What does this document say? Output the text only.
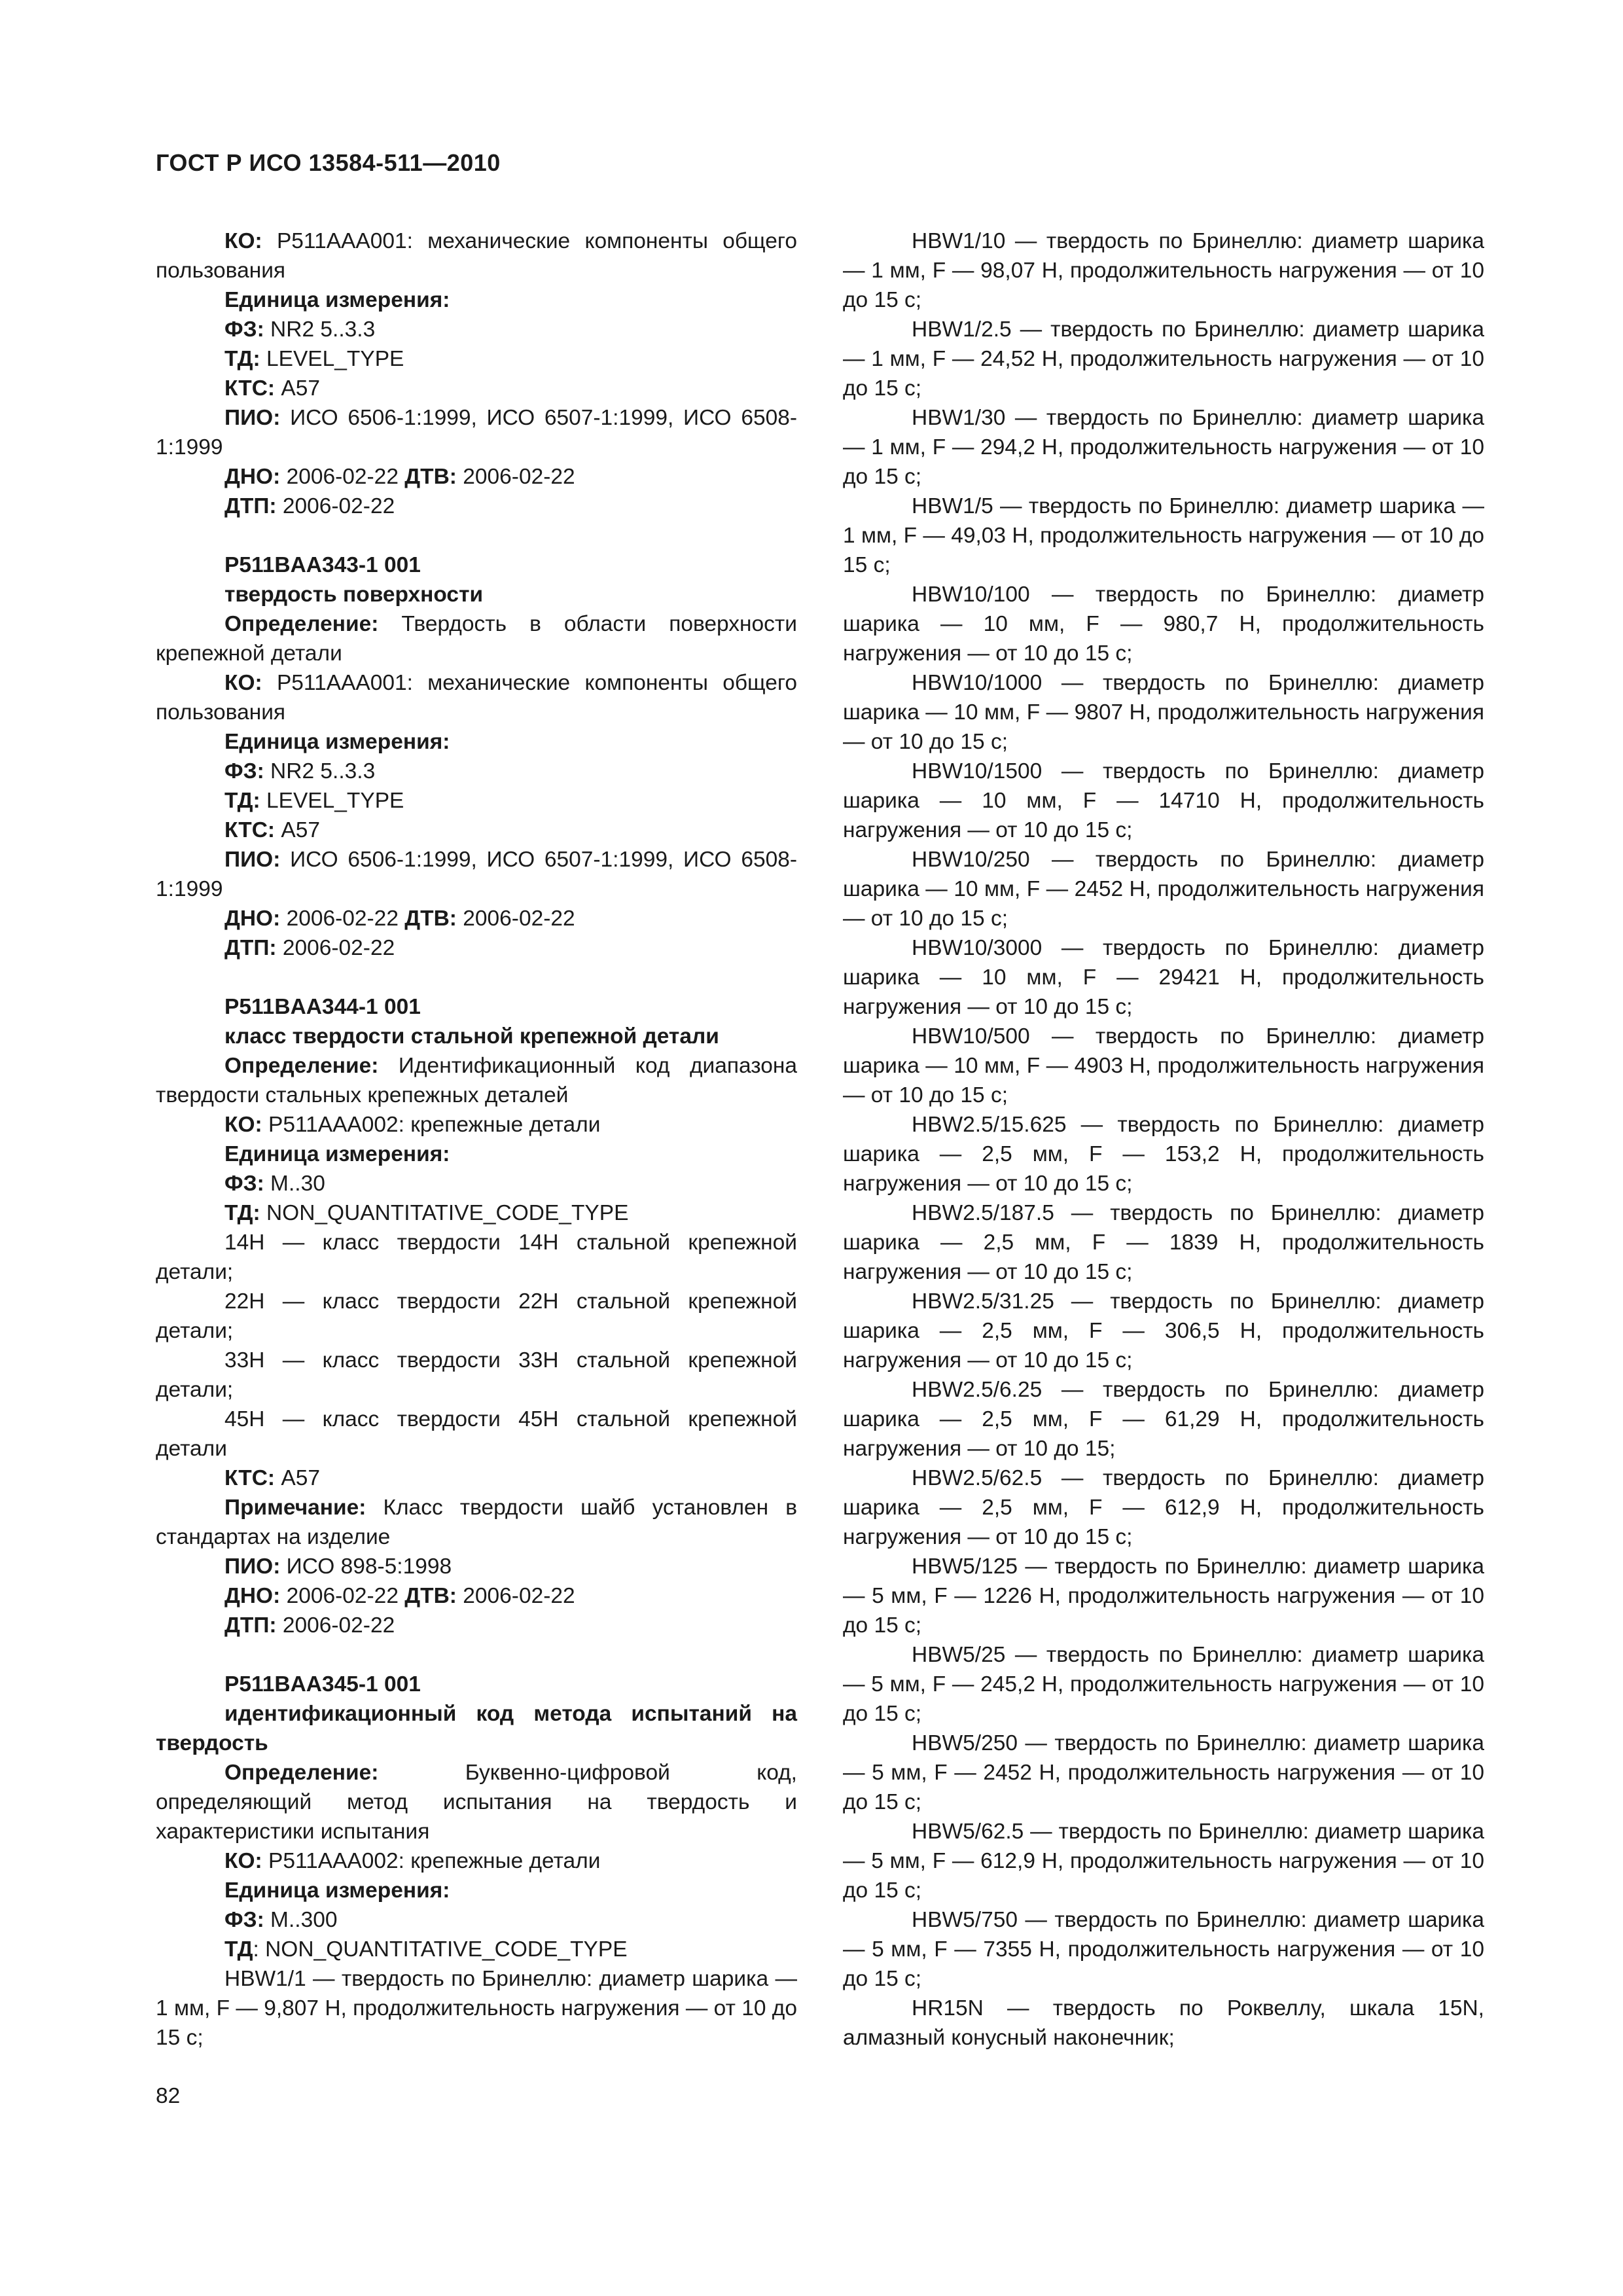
ГОСТ Р ИСО 13584-511—2010

КО: P511AAA001: механические компоненты общего пользования

Единица измерения:

ФЗ: NR2 5..3.3

ТД: LEVEL_TYPE

КТС: A57

ПИО: ИСО 6506-1:1999, ИСО 6507-1:1999, ИСО 6508-1:1999

ДНО: 2006-02-22 ДТВ: 2006-02-22

ДТП: 2006-02-22

P511BAA343-1 001

твердость поверхности

Определение: Твердость в области поверхности крепежной детали

КО: P511AAA001: механические компоненты общего пользования

Единица измерения:

ФЗ: NR2 5..3.3

ТД: LEVEL_TYPE

КТС: A57

ПИО: ИСО 6506-1:1999, ИСО 6507-1:1999, ИСО 6508-1:1999

ДНО: 2006-02-22 ДТВ: 2006-02-22

ДТП: 2006-02-22

P511BAA344-1 001

класс твердости стальной крепежной детали

Определение: Идентификационный код диапазона твердости стальных крепежных деталей

КО: P511AAA002: крепежные детали

Единица измерения:

ФЗ: M..30

ТД: NON_QUANTITATIVE_CODE_TYPE

14H — класс твердости 14H стальной крепежной детали;

22H — класс твердости 22H стальной крепежной детали;

33H — класс твердости 33H стальной крепежной детали;

45H — класс твердости 45H стальной крепежной детали

КТС: A57

Примечание: Класс твердости шайб установлен в стандартах на изделие

ПИО: ИСО 898-5:1998

ДНО: 2006-02-22 ДТВ: 2006-02-22

ДТП: 2006-02-22

P511BAA345-1 001

идентификационный код метода испытаний на твердость

Определение: Буквенно-цифровой код, определяющий метод испытания на твердость и характеристики испытания

КО: P511AAA002: крепежные детали

Единица измерения:

ФЗ: M..300

ТД: NON_QUANTITATIVE_CODE_TYPE

HBW1/1 — твердость по Бринеллю: диаметр шарика — 1 мм, F — 9,807 Н, продолжительность нагружения — от 10 до 15 с;

HBW1/10 — твердость по Бринеллю: диаметр шарика — 1 мм, F — 98,07 Н, продолжительность нагружения — от 10 до 15 с;

HBW1/2.5 — твердость по Бринеллю: диаметр шарика — 1 мм, F — 24,52 Н, продолжительность нагружения — от 10 до 15 с;

HBW1/30 — твердость по Бринеллю: диаметр шарика — 1 мм, F — 294,2 Н, продолжительность нагружения — от 10 до 15 с;

HBW1/5 — твердость по Бринеллю: диаметр шарика — 1 мм, F — 49,03 Н, продолжительность нагружения — от 10 до 15 с;

HBW10/100 — твердость по Бринеллю: диаметр шарика — 10 мм, F — 980,7 Н, продолжительность нагружения — от 10 до 15 с;

HBW10/1000 — твердость по Бринеллю: диаметр шарика — 10 мм, F — 9807 Н, продолжительность нагружения — от 10 до 15 с;

HBW10/1500 — твердость по Бринеллю: диаметр шарика — 10 мм, F — 14710 Н, продолжительность нагружения — от 10 до 15 с;

HBW10/250 — твердость по Бринеллю: диаметр шарика — 10 мм, F — 2452 Н, продолжительность нагружения — от 10 до 15 с;

HBW10/3000 — твердость по Бринеллю: диаметр шарика — 10 мм, F — 29421 Н, продолжительность нагружения — от 10 до 15 с;

HBW10/500 — твердость по Бринеллю: диаметр шарика — 10 мм, F — 4903 Н, продолжительность нагружения — от 10 до 15 с;

HBW2.5/15.625 — твердость по Бринеллю: диаметр шарика — 2,5 мм, F — 153,2 Н, продолжительность нагружения — от 10 до 15 с;

HBW2.5/187.5 — твердость по Бринеллю: диаметр шарика — 2,5 мм, F — 1839 Н, продолжительность нагружения — от 10 до 15 с;

HBW2.5/31.25 — твердость по Бринеллю: диаметр шарика — 2,5 мм, F — 306,5 Н, продолжительность нагружения — от 10 до 15 с;

HBW2.5/6.25 — твердость по Бринеллю: диаметр шарика — 2,5 мм, F — 61,29 Н, продолжительность нагружения — от 10 до 15;

HBW2.5/62.5 — твердость по Бринеллю: диаметр шарика — 2,5 мм, F — 612,9 Н, продолжительность нагружения — от 10 до 15 с;

HBW5/125 — твердость по Бринеллю: диаметр шарика — 5 мм, F — 1226 Н, продолжительность нагружения — от 10 до 15 с;

HBW5/25 — твердость по Бринеллю: диаметр шарика — 5 мм, F — 245,2 Н, продолжительность нагружения — от 10 до 15 с;

HBW5/250 — твердость по Бринеллю: диаметр шарика — 5 мм, F — 2452 Н, продолжительность нагружения — от 10 до 15 с;

HBW5/62.5 — твердость по Бринеллю: диаметр шарика — 5 мм, F — 612,9 Н, продолжительность нагружения — от 10 до 15 с;

HBW5/750 — твердость по Бринеллю: диаметр шарика — 5 мм, F — 7355 Н, продолжительность нагружения — от 10 до 15 с;

HR15N — твердость по Роквеллу, шкала 15N, алмазный конусный наконечник;

82
